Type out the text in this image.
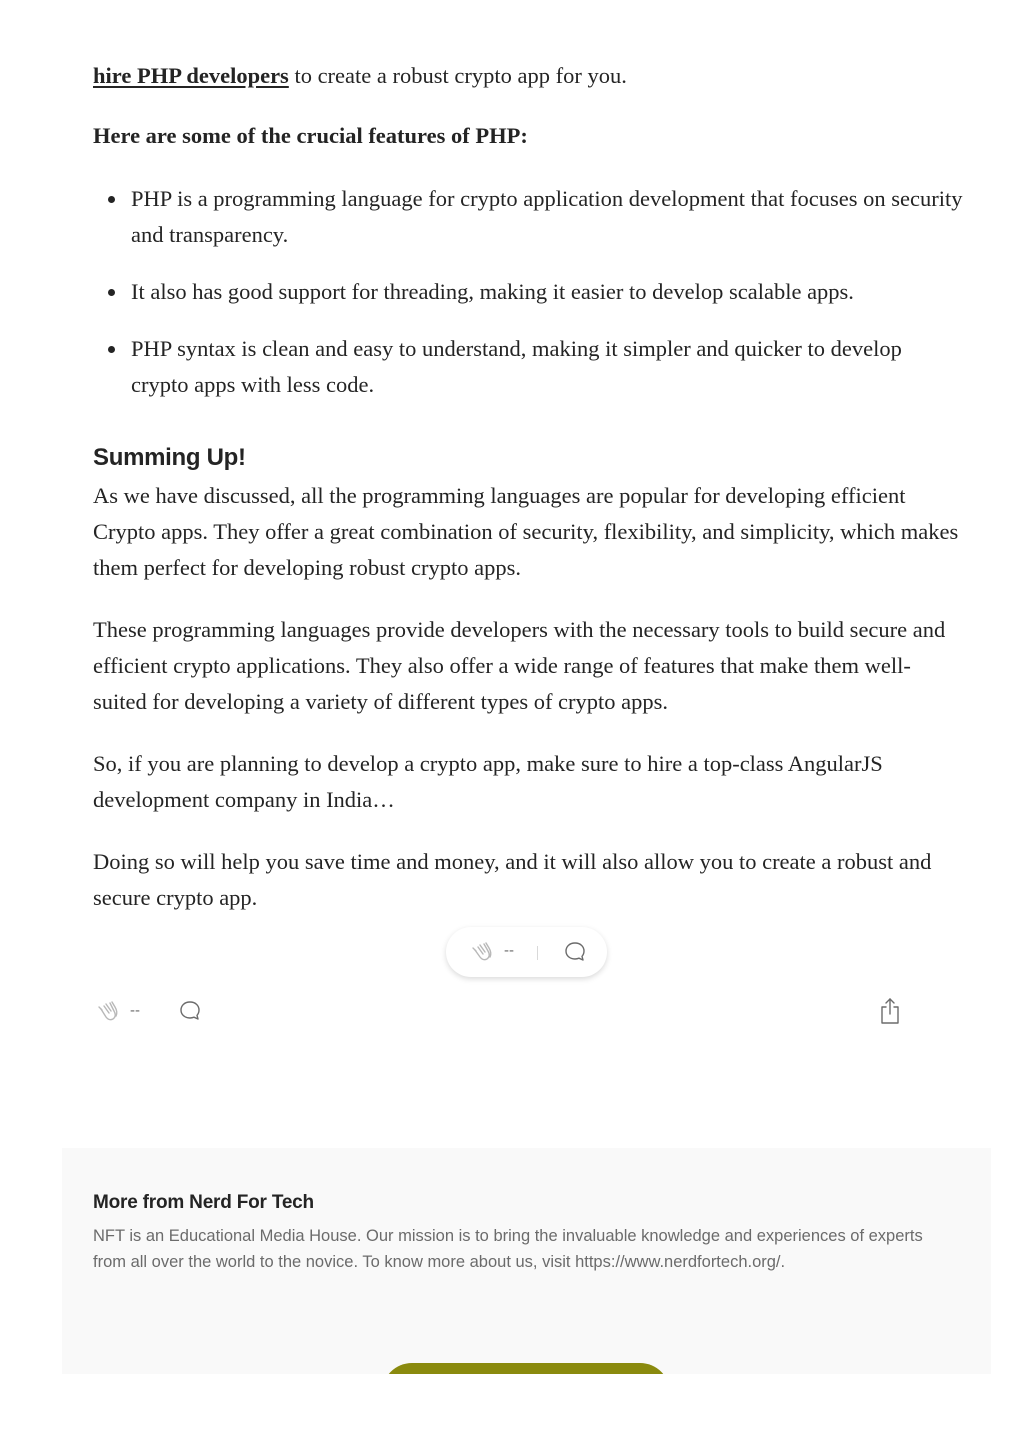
hire PHP developers to create a robust crypto app for you.

Here are some of the crucial features of PHP:

PHP is a programming language for crypto application development that focuses on security and transparency.
It also has good support for threading, making it easier to develop scalable apps.
PHP syntax is clean and easy to understand, making it simpler and quicker to develop crypto apps with less code.
Summing Up!

As we have discussed, all the programming languages are popular for developing efficient Crypto apps. They offer a great combination of security, flexibility, and simplicity, which makes them perfect for developing robust crypto apps.

These programming languages provide developers with the necessary tools to build secure and efficient crypto applications. They also offer a wide range of features that make them well-suited for developing a variety of different types of crypto apps.

So, if you are planning to develop a crypto app, make sure to hire a top-class AngularJS development company in India…

Doing so will help you save time and money, and it will also allow you to create a robust and secure crypto app.

--
--
More from Nerd For Tech

NFT is an Educational Media House. Our mission is to bring the invaluable knowledge and experiences of experts from all over the world to the novice. To know more about us, visit https://www.nerdfortech.org/.
